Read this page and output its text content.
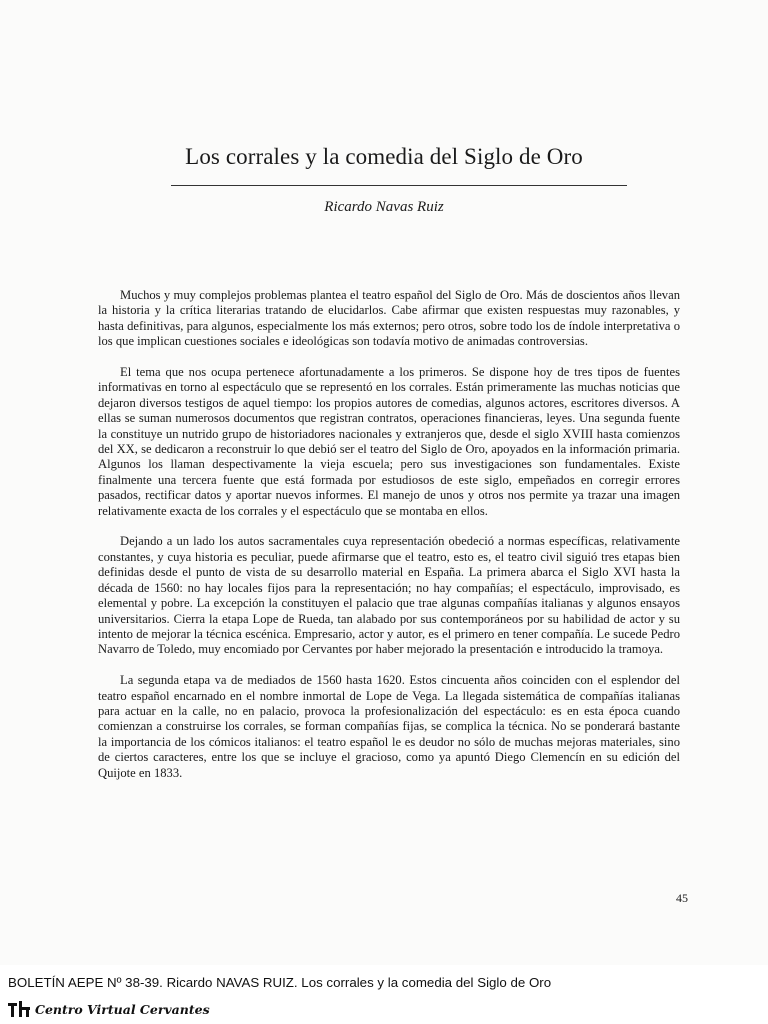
Los corrales y la comedia del Siglo de Oro
Ricardo Navas Ruiz

Muchos y muy complejos problemas plantea el teatro español del Siglo de Oro. Más de doscientos años llevan la historia y la crítica literarias tratando de elucidarlos. Cabe afirmar que existen respuestas muy razonables, y hasta definitivas, para algunos, especialmente los más externos; pero otros, sobre todo los de índole interpretativa o los que implican cuestiones sociales e ideológicas son todavía motivo de animadas controversias.

El tema que nos ocupa pertenece afortunadamente a los primeros. Se dispone hoy de tres tipos de fuentes informativas en torno al espectáculo que se representó en los corrales. Están primeramente las muchas noticias que dejaron diversos testigos de aquel tiempo: los propios autores de comedias, algunos actores, escritores diversos. A ellas se suman numerosos documentos que registran contratos, operaciones financieras, leyes. Una segunda fuente la constituye un nutrido grupo de historiadores nacionales y extranjeros que, desde el siglo XVIII hasta comienzos del XX, se dedicaron a reconstruir lo que debió ser el teatro del Siglo de Oro, apoyados en la información primaria. Algunos los llaman despectivamente la vieja escuela; pero sus investigaciones son fundamentales. Existe finalmente una tercera fuente que está formada por estudiosos de este siglo, empeñados en corregir errores pasados, rectificar datos y aportar nuevos informes. El manejo de unos y otros nos permite ya trazar una imagen relativamente exacta de los corrales y el espectáculo que se montaba en ellos.

Dejando a un lado los autos sacramentales cuya representación obedeció a normas específicas, relativamente constantes, y cuya historia es peculiar, puede afirmarse que el teatro, esto es, el teatro civil siguió tres etapas bien definidas desde el punto de vista de su desarrollo material en España. La primera abarca el Siglo XVI hasta la década de 1560: no hay locales fijos para la representación; no hay compañías; el espectáculo, improvisado, es elemental y pobre. La excepción la constituyen el palacio que trae algunas compañías italianas y algunos ensayos universitarios. Cierra la etapa Lope de Rueda, tan alabado por sus contemporáneos por su habilidad de actor y su intento de mejorar la técnica escénica. Empresario, actor y autor, es el primero en tener compañía. Le sucede Pedro Navarro de Toledo, muy encomiado por Cervantes por haber mejorado la presentación e introducido la tramoya.

La segunda etapa va de mediados de 1560 hasta 1620. Estos cincuenta años coinciden con el esplendor del teatro español encarnado en el nombre inmortal de Lope de Vega. La llegada sistemática de compañías italianas para actuar en la calle, no en palacio, provoca la profesionalización del espectáculo: es en esta época cuando comienzan a construirse los corrales, se forman compañías fijas, se complica la técnica. No se ponderará bastante la importancia de los cómicos italianos: el teatro español le es deudor no sólo de muchas mejoras materiales, sino de ciertos caracteres, entre los que se incluye el gracioso, como ya apuntó Diego Clemencín en su edición del Quijote en 1833.

45
BOLETÍN AEPE Nº 38-39. Ricardo NAVAS RUIZ. Los corrales y la comedia del Siglo de Oro
Centro Virtual Cervantes
